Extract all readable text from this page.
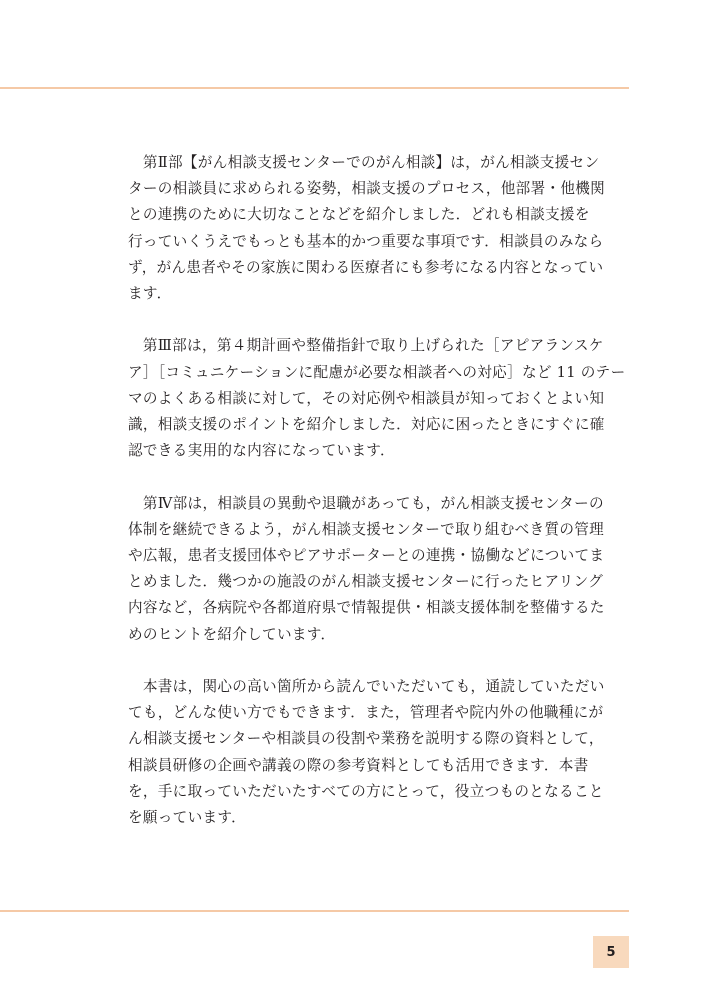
　第Ⅱ部【がん相談支援センターでのがん相談】は，がん相談支援セン
ターの相談員に求められる姿勢，相談支援のプロセス，他部署・他機関
との連携のために大切なことなどを紹介しました．どれも相談支援を
行っていくうえでもっとも基本的かつ重要な事項です．相談員のみなら
ず，がん患者やその家族に関わる医療者にも参考になる内容となってい
ます．

　第Ⅲ部は，第４期計画や整備指針で取り上げられた［アピアランスケ
ア］［コミュニケーションに配慮が必要な相談者への対応］など 11 のテー
マのよくある相談に対して，その対応例や相談員が知っておくとよい知
識，相談支援のポイントを紹介しました．対応に困ったときにすぐに確
認できる実用的な内容になっています．

　第Ⅳ部は，相談員の異動や退職があっても，がん相談支援センターの
体制を継続できるよう，がん相談支援センターで取り組むべき質の管理
や広報，患者支援団体やピアサポーターとの連携・協働などについてま
とめました．幾つかの施設のがん相談支援センターに行ったヒアリング
内容など，各病院や各都道府県で情報提供・相談支援体制を整備するた
めのヒントを紹介しています．

　本書は，関心の高い箇所から読んでいただいても，通読していただい
ても，どんな使い方でもできます．また，管理者や院内外の他職種にが
ん相談支援センターや相談員の役割や業務を説明する際の資料として，
相談員研修の企画や講義の際の参考資料としても活用できます．本書
を，手に取っていただいたすべての方にとって，役立つものとなること
を願っています．

5
